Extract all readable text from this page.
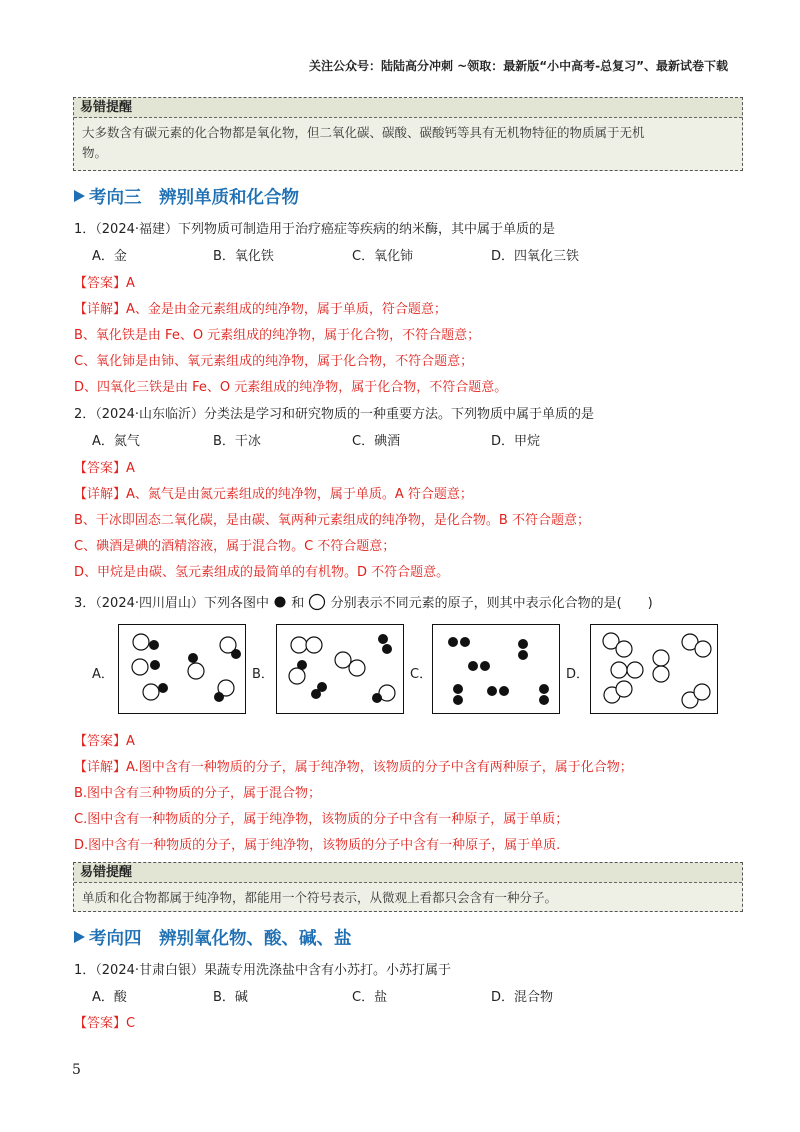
关注公众号：陆陆高分冲刺 ~领取：最新版“小中高考-总复习”、最新试卷下载
易错提醒
大多数含有碳元素的化合物都是氧化物，但二氧化碳、碳酸、碳酸钙等具有无机物特征的物质属于无机
物。
考向三　辨别单质和化合物
1．（2024·福建）下列物质可制造用于治疗癌症等疾病的纳米酶，其中属于单质的是
A．金	B．氧化铁	C．氧化铈	D．四氧化三铁
【答案】A
【详解】A、金是由金元素组成的纯净物，属于单质，符合题意；
B、氧化铁是由 Fe、O 元素组成的纯净物，属于化合物，不符合题意；
C、氧化铈是由铈、氧元素组成的纯净物，属于化合物，不符合题意；
D、四氧化三铁是由 Fe、O 元素组成的纯净物，属于化合物，不符合题意。
2．（2024·山东临沂）分类法是学习和研究物质的一种重要方法。下列物质中属于单质的是
A．氮气	B．干冰	C．碘酒	D．甲烷
【答案】A
【详解】A、氮气是由氮元素组成的纯净物，属于单质。A 符合题意；
B、干冰即固态二氧化碳，是由碳、氧两种元素组成的纯净物，是化合物。B 不符合题意；
C、碘酒是碘的酒精溶液，属于混合物。C 不符合题意；
D、甲烷是由碳、氢元素组成的最简单的有机物。D 不符合题意。
3．（2024·四川眉山）下列各图中 和 分别表示不同元素的原子，则其中表示化合物的是(　　)
A．	B．	C．	D．
【答案】A
【详解】A.图中含有一种物质的分子，属于纯净物，该物质的分子中含有两种原子，属于化合物；
B.图中含有三种物质的分子，属于混合物；
C.图中含有一种物质的分子，属于纯净物，该物质的分子中含有一种原子，属于单质；
D.图中含有一种物质的分子，属于纯净物，该物质的分子中含有一种原子，属于单质.
易错提醒
单质和化合物都属于纯净物，都能用一个符号表示，从微观上看都只会含有一种分子。
考向四　辨别氧化物、酸、碱、盐
1．（2024·甘肃白银）果蔬专用洗涤盐中含有小苏打。小苏打属于
A．酸	B．碱	C．盐	D．混合物
【答案】C
5
